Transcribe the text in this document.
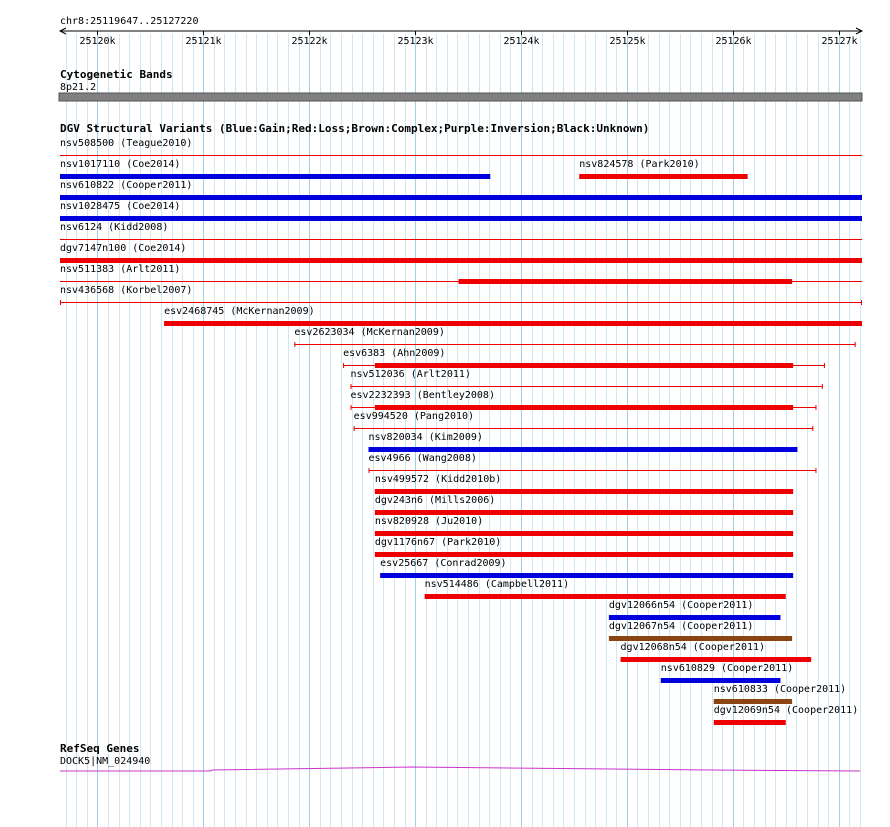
chr8:25119647..25127220
25120k	25121k	25122k	25123k	25124k	25125k	25126k	25127k
Cytogenetic Bands
8p21.2
DGV Structural Variants (Blue:Gain;Red:Loss;Brown:Complex;Purple:Inversion;Black:Unknown)
nsv508500 (Teague2010)
nsv1017110 (Coe2014)	nsv824578 (Park2010)
nsv610822 (Cooper2011)
nsv1028475 (Coe2014)
nsv6124 (Kidd2008)
dgv7147n100 (Coe2014)
nsv511383 (Arlt2011)
nsv436568 (Korbel2007)
esv2468745 (McKernan2009)
esv2623034 (McKernan2009)
esv6383 (Ahn2009)
nsv512036 (Arlt2011)
esv2232393 (Bentley2008)
esv994520 (Pang2010)
nsv820034 (Kim2009)
esv4966 (Wang2008)
nsv499572 (Kidd2010b)
dgv243n6 (Mills2006)
nsv820928 (Ju2010)
dgv1176n67 (Park2010)
esv25667 (Conrad2009)
nsv514486 (Campbell2011)
dgv12066n54 (Cooper2011)
dgv12067n54 (Cooper2011)
dgv12068n54 (Cooper2011)
nsv610829 (Cooper2011)
nsv610833 (Cooper2011)
dgv12069n54 (Cooper2011)
RefSeq Genes
DOCK5|NM_024940
